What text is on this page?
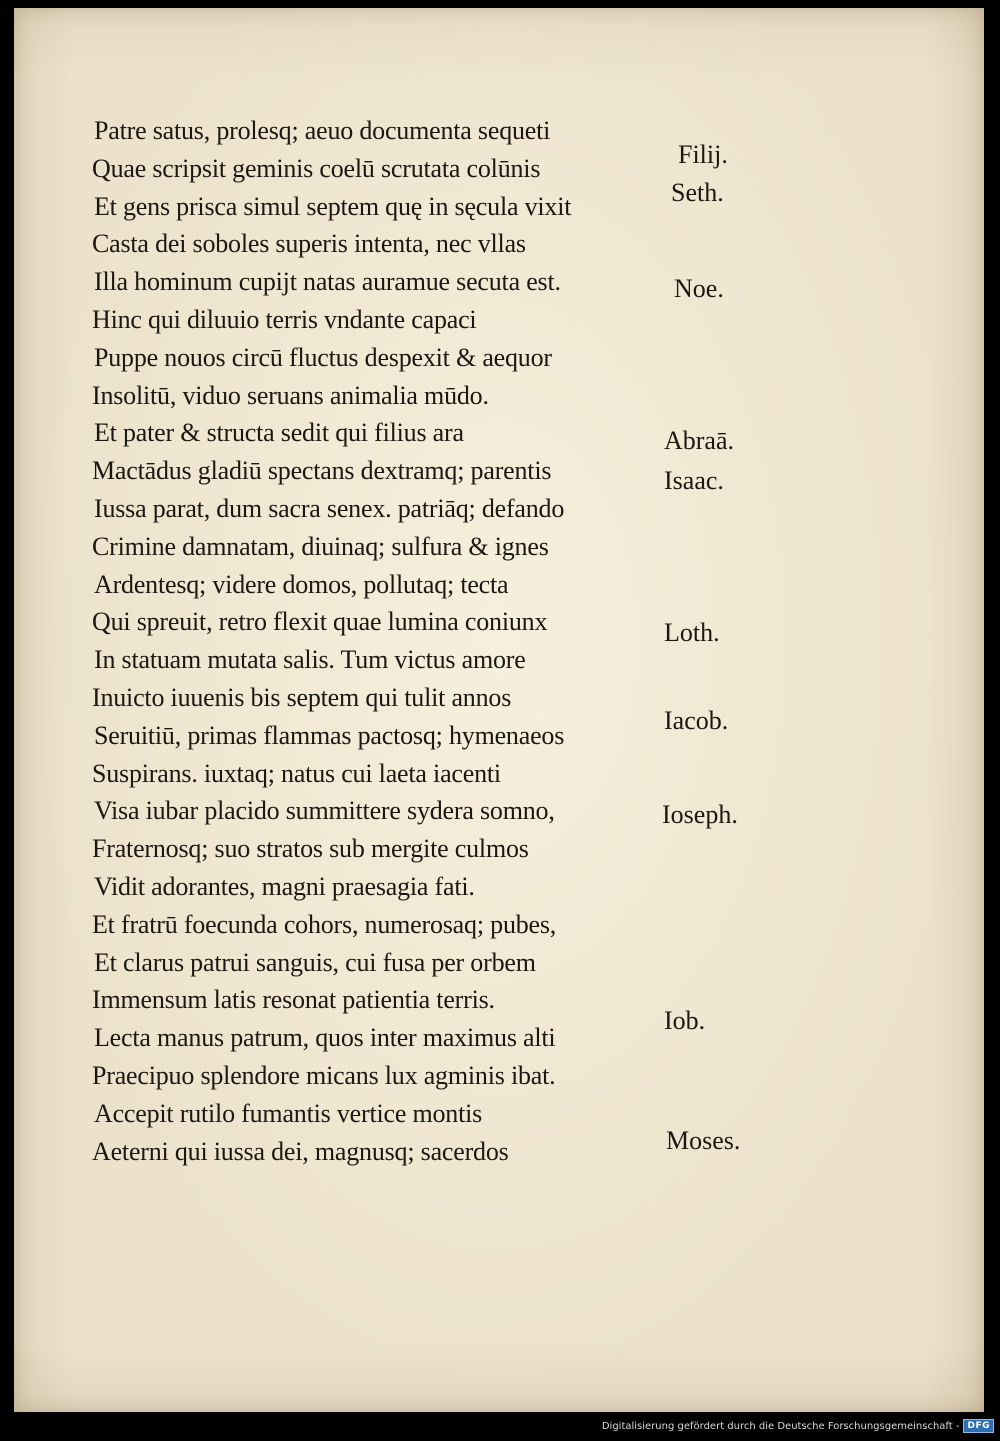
Patre satus, prolesq; aeuo documenta sequeti
Quae scripsit geminis coelū scrutata colūnis
Et gens prisca simul septem quę in sęcula vixit
Casta dei soboles superis intenta, nec vllas
Illa hominum cupijt natas auramue secuta est.
Hinc qui diluuio terris vndante capaci
Puppe nouos circū fluctus despexit & aequor
Insolitū, viduo seruans animalia mūdo.
Et pater & structa sedit qui filius ara
Mactādus gladiū spectans dextramq; parentis
Iussa parat, dum sacra senex. patriāq; defando
Crimine damnatam, diuinaq; sulfura & ignes
Ardentesq; videre domos, pollutaq; tecta
Qui spreuit, retro flexit quae lumina coniunx
In statuam mutata salis. Tum victus amore
Inuicto iuuenis bis septem qui tulit annos
Seruitiū, primas flammas pactosq; hymenaeos
Suspirans. iuxtaq; natus cui laeta iacenti
Visa iubar placido summittere sydera somno,
Fraternosq; suo stratos sub mergite culmos
Vidit adorantes, magni praesagia fati.
Et fratrū foecunda cohors, numerosaq; pubes,
Et clarus patrui sanguis, cui fusa per orbem
Immensum latis resonat patientia terris.
Lecta manus patrum, quos inter maximus alti
Praecipuo splendore micans lux agminis ibat.
Accepit rutilo fumantis vertice montis
Aeterni qui iussa dei, magnusq; sacerdos
Filij.
Seth.
Noe.
Abraā.
Isaac.
Loth.
Iacob.
Ioseph.
Iob.
Moses.
Digitalisierung gefördert durch die Deutsche Forschungsgemeinschaft - DFG
